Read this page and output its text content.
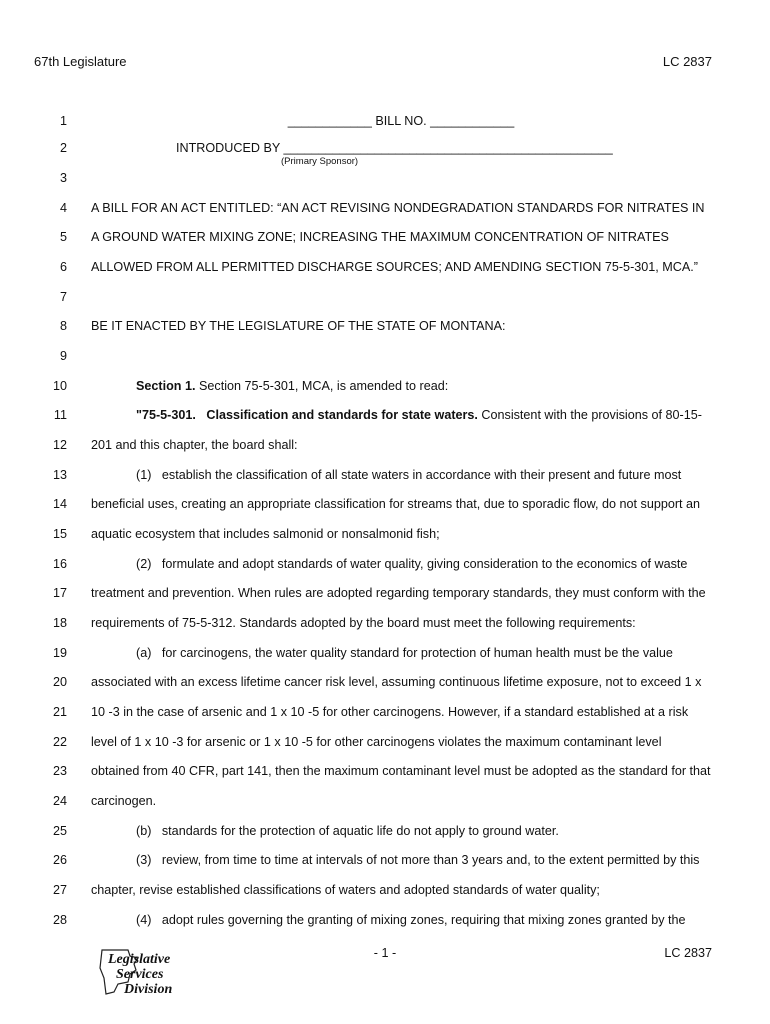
67th Legislature	LC 2837
1	____________ BILL NO. ____________
2	INTRODUCED BY _______________________________________________
(Primary Sponsor)
3
4 A BILL FOR AN ACT ENTITLED: “AN ACT REVISING NONDEGRADATION STANDARDS FOR NITRATES IN
5 A GROUND WATER MIXING ZONE; INCREASING THE MAXIMUM CONCENTRATION OF NITRATES
6 ALLOWED FROM ALL PERMITTED DISCHARGE SOURCES; AND AMENDING SECTION 75-5-301, MCA.”
7
8 BE IT ENACTED BY THE LEGISLATURE OF THE STATE OF MONTANA:
9
10	Section 1. Section 75-5-301, MCA, is amended to read:
11	"75-5-301.   Classification and standards for state waters. Consistent with the provisions of 80-15-
12 201 and this chapter, the board shall:
13	(1)   establish the classification of all state waters in accordance with their present and future most
14 beneficial uses, creating an appropriate classification for streams that, due to sporadic flow, do not support an
15 aquatic ecosystem that includes salmonid or nonsalmonid fish;
16	(2)   formulate and adopt standards of water quality, giving consideration to the economics of waste
17 treatment and prevention. When rules are adopted regarding temporary standards, they must conform with the
18 requirements of 75-5-312. Standards adopted by the board must meet the following requirements:
19	(a)   for carcinogens, the water quality standard for protection of human health must be the value
20 associated with an excess lifetime cancer risk level, assuming continuous lifetime exposure, not to exceed 1 x
21 10 -3 in the case of arsenic and 1 x 10 -5 for other carcinogens. However, if a standard established at a risk
22 level of 1 x 10 -3 for arsenic or 1 x 10 -5 for other carcinogens violates the maximum contaminant level
23 obtained from 40 CFR, part 141, then the maximum contaminant level must be adopted as the standard for that
24 carcinogen.
25	(b)   standards for the protection of aquatic life do not apply to ground water.
26	(3)   review, from time to time at intervals of not more than 3 years and, to the extent permitted by this
27 chapter, revise established classifications of waters and adopted standards of water quality;
28	(4)   adopt rules governing the granting of mixing zones, requiring that mixing zones granted by the
Legislative
Services
Division
- 1 -	LC 2837
